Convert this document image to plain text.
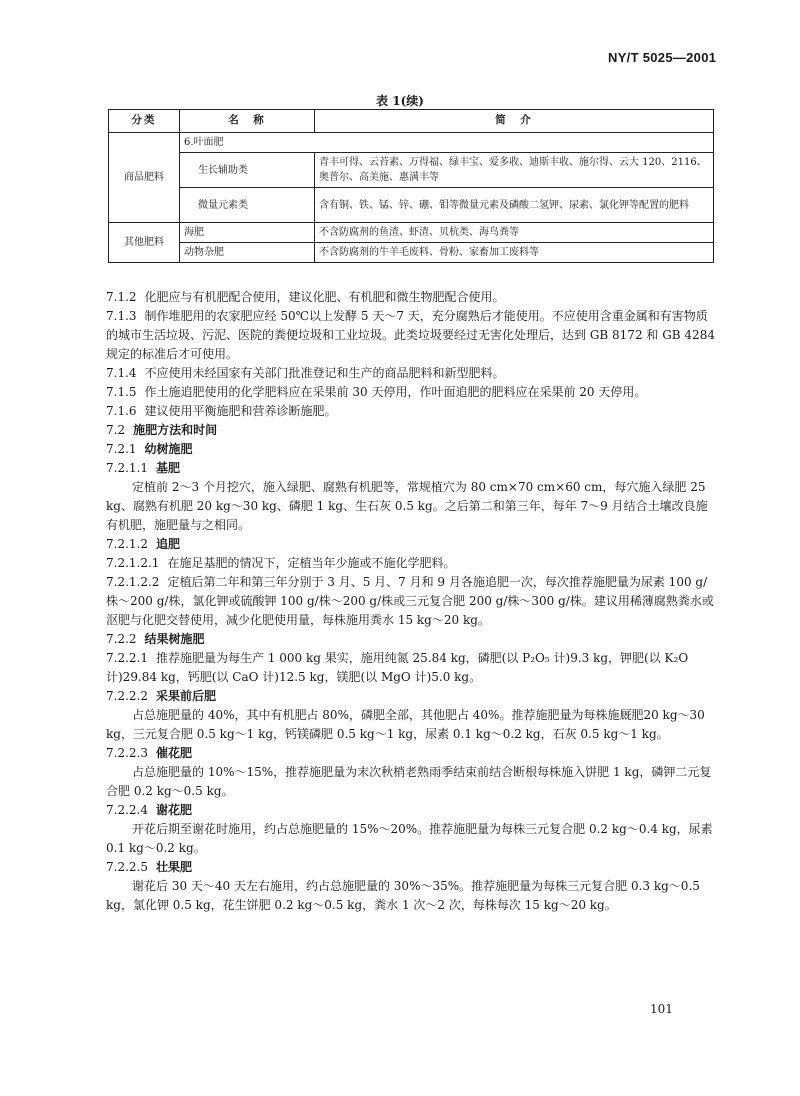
NY/T 5025—2001
表 1(续)
分类	名　称	简　介
商品肥料	6.叶面肥	
	生长辅助类	青丰可得、云苔素、万得福、绿丰宝、爱多收、迪斯丰收、施尔得、云大 120、2116、奥普尔、高美施、惠满丰等
	微量元素类	含有铜、铁、锰、锌、硼、钼等微量元素及磷酸二氢钾、尿素、氯化钾等配置的肥料
其他肥料	海肥	不含防腐剂的鱼渣、虾渣、贝杭类、海鸟粪等
	动物杂肥	不含防腐剂的牛羊毛废料、骨粉、家畜加工废料等

7.1.2 化肥应与有机肥配合使用，建议化肥、有机肥和微生物肥配合使用。

7.1.3 制作堆肥用的农家肥应经 50℃以上发酵 5 天～7 天，充分腐熟后才能使用。不应使用含重金属和有害物质的城市生活垃圾、污泥、医院的粪便垃圾和工业垃圾。此类垃圾要经过无害化处理后，达到 GB 8172 和 GB 4284 规定的标准后才可使用。

7.1.4 不应使用未经国家有关部门批准登记和生产的商品肥料和新型肥料。

7.1.5 作土施追肥使用的化学肥料应在采果前 30 天停用，作叶面追肥的肥料应在采果前 20 天停用。

7.1.6 建议使用平衡施肥和营养诊断施肥。

7.2 施肥方法和时间

7.2.1 幼树施肥

7.2.1.1 基肥

定植前 2～3 个月挖穴，施入绿肥、腐熟有机肥等，常规植穴为 80 cm×70 cm×60 cm，每穴施入绿肥 25 kg、腐熟有机肥 20 kg～30 kg、磷肥 1 kg、生石灰 0.5 kg。之后第二和第三年，每年 7～9 月结合土壤改良施有机肥，施肥量与之相同。

7.2.1.2 追肥

7.2.1.2.1 在施足基肥的情况下，定植当年少施或不施化学肥料。

7.2.1.2.2 定植后第二年和第三年分别于 3 月、5 月、7 月和 9 月各施追肥一次，每次推荐施肥量为尿素 100 g/株～200 g/株，氯化钾或硫酸钾 100 g/株～200 g/株或三元复合肥 200 g/株～300 g/株。建议用稀薄腐熟粪水或沤肥与化肥交替使用，减少化肥使用量，每株施用粪水 15 kg～20 kg。

7.2.2 结果树施肥

7.2.2.1 推荐施肥量为每生产 1 000 kg 果实，施用纯氮 25.84 kg，磷肥(以 P₂O₅ 计)9.3 kg，钾肥(以 K₂O 计)29.84 kg，钙肥(以 CaO 计)12.5 kg，镁肥(以 MgO 计)5.0 kg。

7.2.2.2 采果前后肥

占总施肥量的 40%，其中有机肥占 80%，磷肥全部，其他肥占 40%。推荐施肥量为每株施厩肥20 kg～30 kg，三元复合肥 0.5 kg～1 kg，钙镁磷肥 0.5 kg～1 kg，尿素 0.1 kg～0.2 kg，石灰 0.5 kg～1 kg。

7.2.2.3 催花肥

占总施肥量的 10%～15%，推荐施肥量为末次秋梢老熟雨季结束前结合断根每株施入饼肥 1 kg，磷钾二元复合肥 0.2 kg～0.5 kg。

7.2.2.4 谢花肥

开花后期至谢花时施用，约占总施肥量的 15%～20%。推荐施肥量为每株三元复合肥 0.2 kg～0.4 kg，尿素 0.1 kg～0.2 kg。

7.2.2.5 壮果肥

谢花后 30 天～40 天左右施用，约占总施肥量的 30%～35%。推荐施肥量为每株三元复合肥 0.3 kg～0.5 kg，氯化钾 0.5 kg，花生饼肥 0.2 kg～0.5 kg，粪水 1 次～2 次，每株每次 15 kg～20 kg。

101
